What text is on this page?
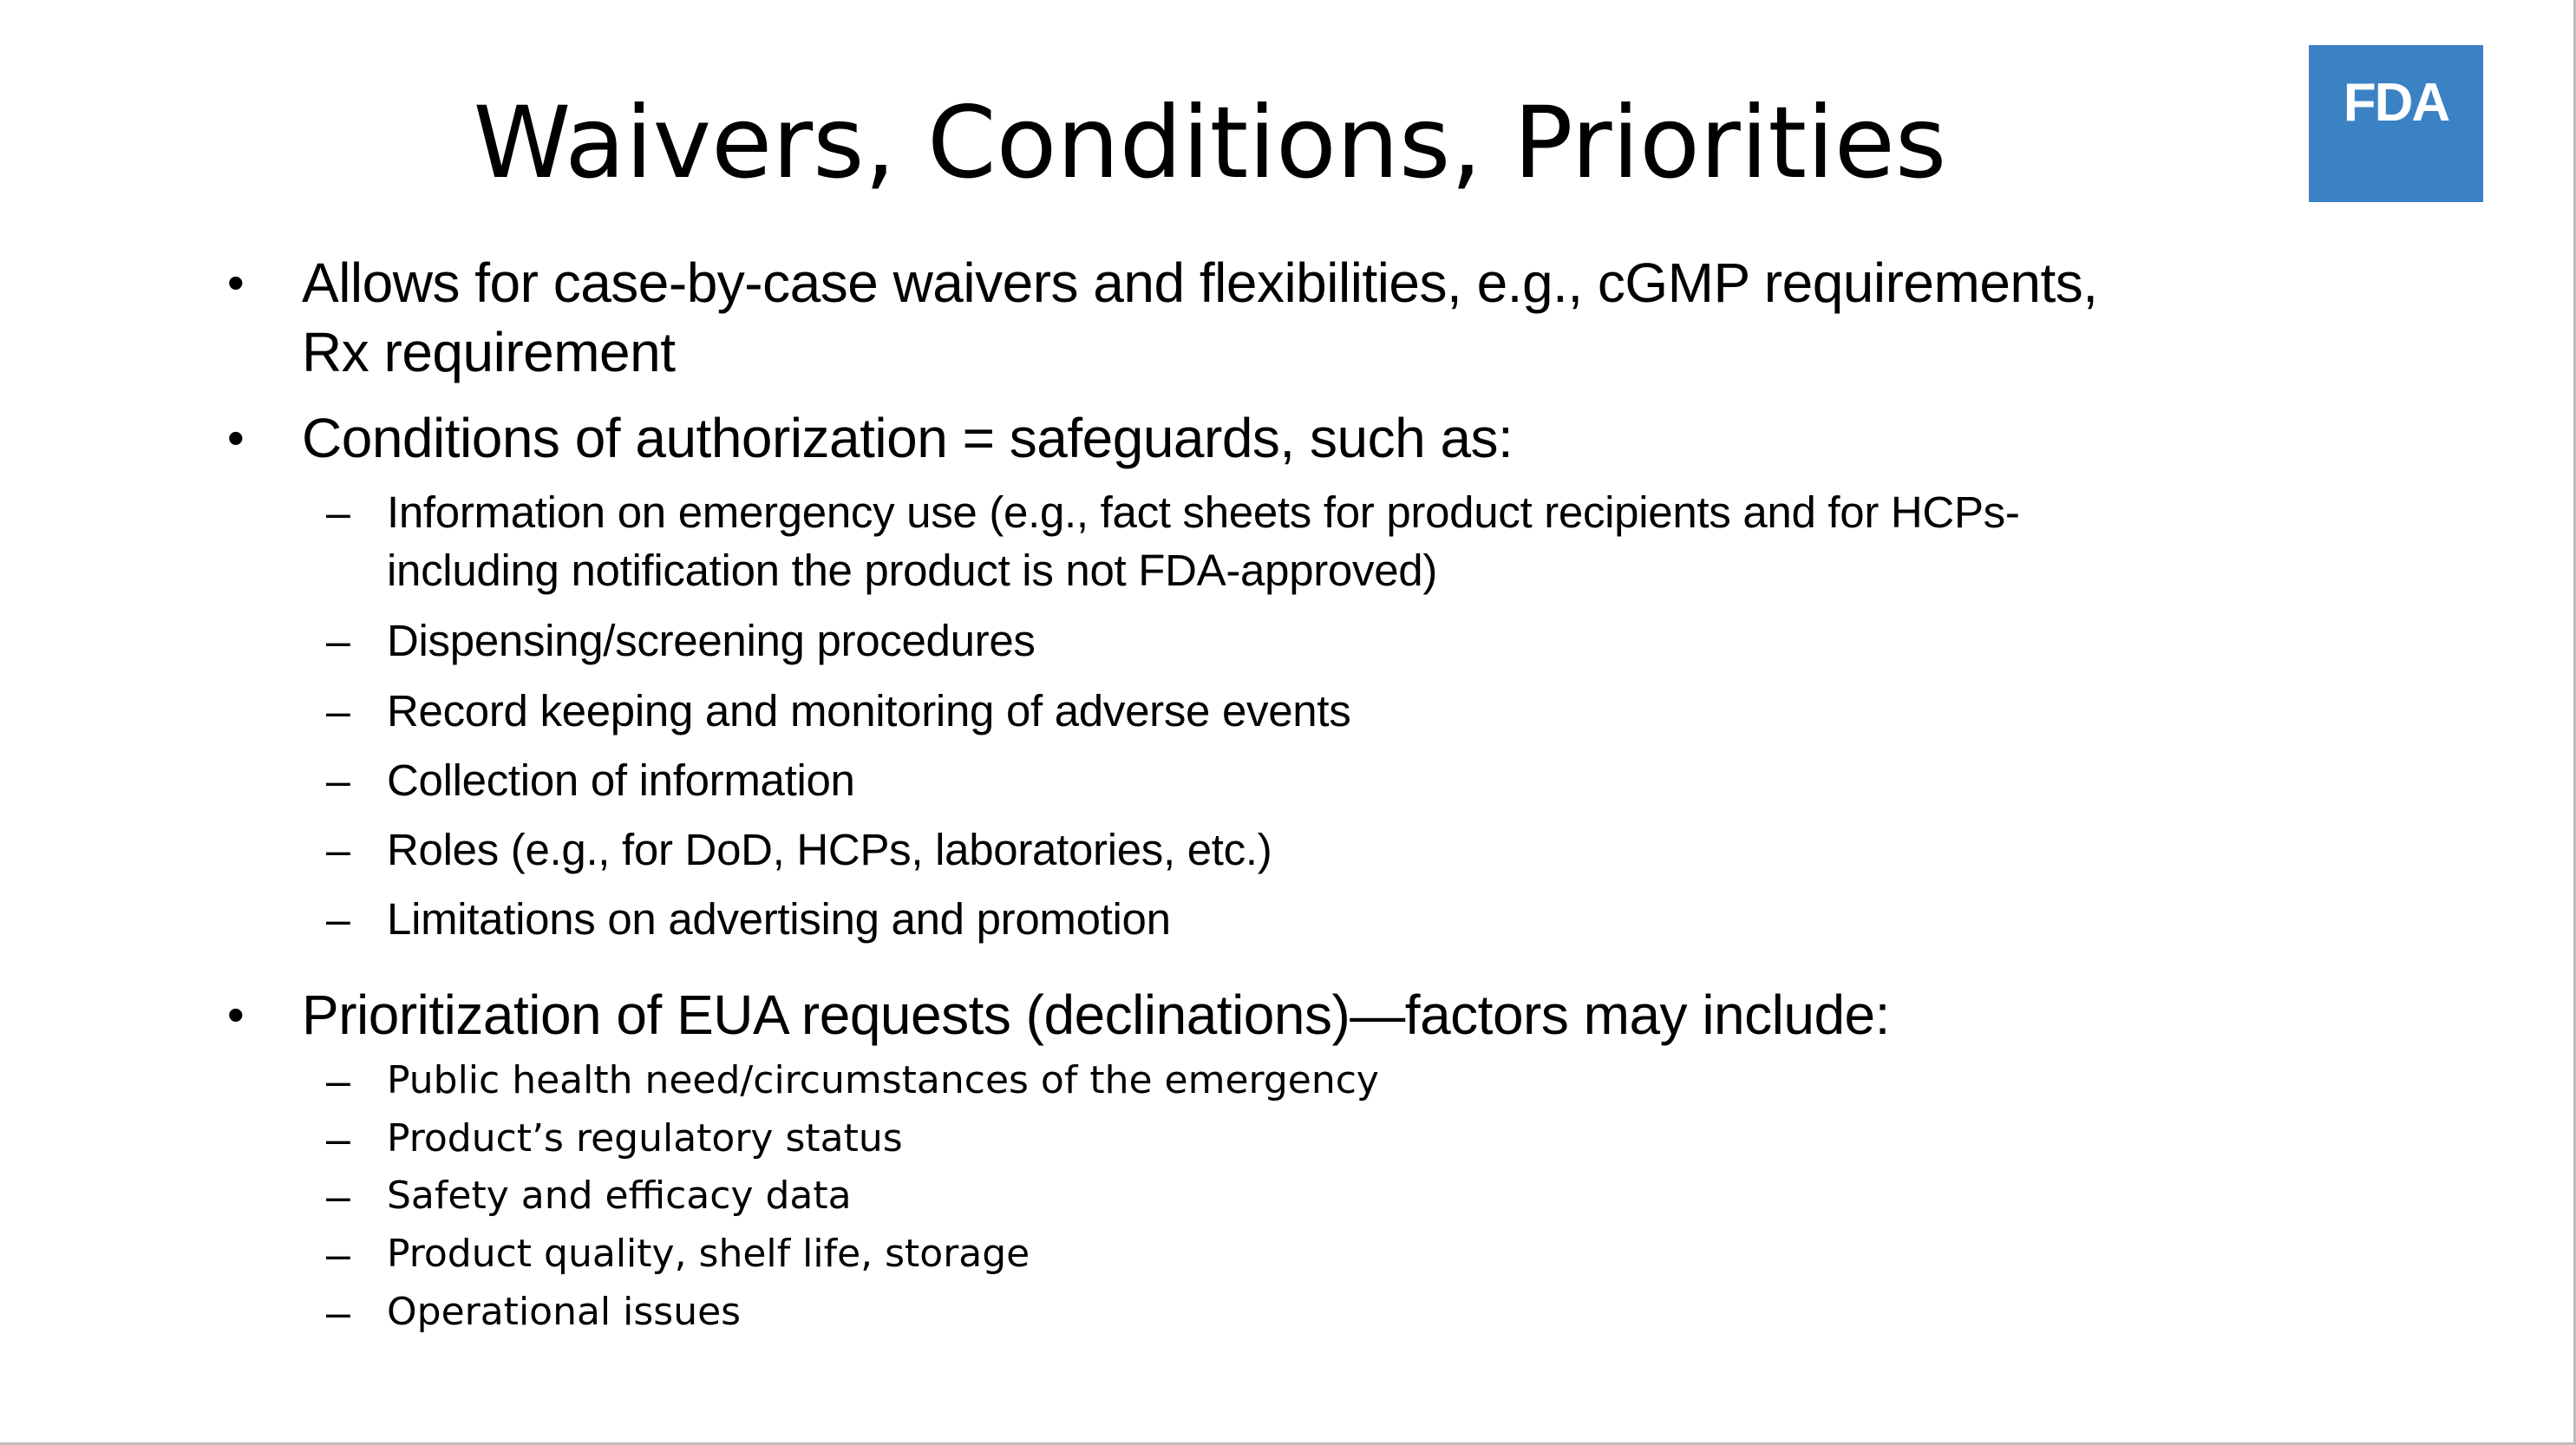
Waivers, Conditions, Priorities	FDA
• Allows for case-by-case waivers and flexibilities, e.g., cGMP requirements,
Rx requirement
• Conditions of authorization = safeguards, such as:
– Information on emergency use (e.g., fact sheets for product recipients and for HCPs-
including notification the product is not FDA-approved)
– Dispensing/screening procedures
– Record keeping and monitoring of adverse events
– Collection of information
– Roles (e.g., for DoD, HCPs, laboratories, etc.)
– Limitations on advertising and promotion
• Prioritization of EUA requests (declinations)—factors may include:
– Public health need/circumstances of the emergency
– Product’s regulatory status
– Safety and efficacy data
– Product quality, shelf life, storage
– Operational issues
